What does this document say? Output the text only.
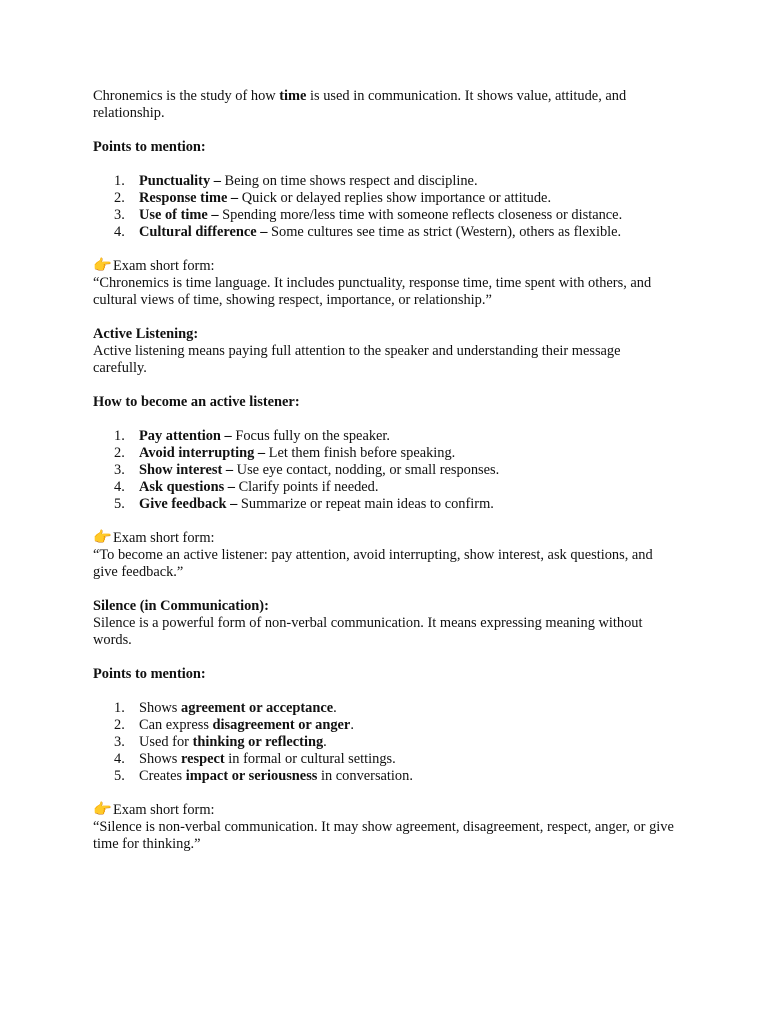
Chronemics is the study of how time is used in communication. It shows value, attitude, and relationship.

Points to mention:

1. Punctuality – Being on time shows respect and discipline.
2. Response time – Quick or delayed replies show importance or attitude.
3. Use of time – Spending more/less time with someone reflects closeness or distance.
4. Cultural difference – Some cultures see time as strict (Western), others as flexible.
👉Exam short form:
“Chronemics is time language. It includes punctuality, response time, time spent with others, and cultural views of time, showing respect, importance, or relationship.”

Active Listening:

Active listening means paying full attention to the speaker and understanding their message carefully.

How to become an active listener:

1. Pay attention – Focus fully on the speaker.
2. Avoid interrupting – Let them finish before speaking.
3. Show interest – Use eye contact, nodding, or small responses.
4. Ask questions – Clarify points if needed.
5. Give feedback – Summarize or repeat main ideas to confirm.
👉Exam short form:
“To become an active listener: pay attention, avoid interrupting, show interest, ask questions, and give feedback.”

Silence (in Communication):

Silence is a powerful form of non-verbal communication. It means expressing meaning without words.

Points to mention:

1. Shows agreement or acceptance.
2. Can express disagreement or anger.
3. Used for thinking or reflecting.
4. Shows respect in formal or cultural settings.
5. Creates impact or seriousness in conversation.
👉Exam short form:
“Silence is non-verbal communication. It may show agreement, disagreement, respect, anger, or give time for thinking.”
